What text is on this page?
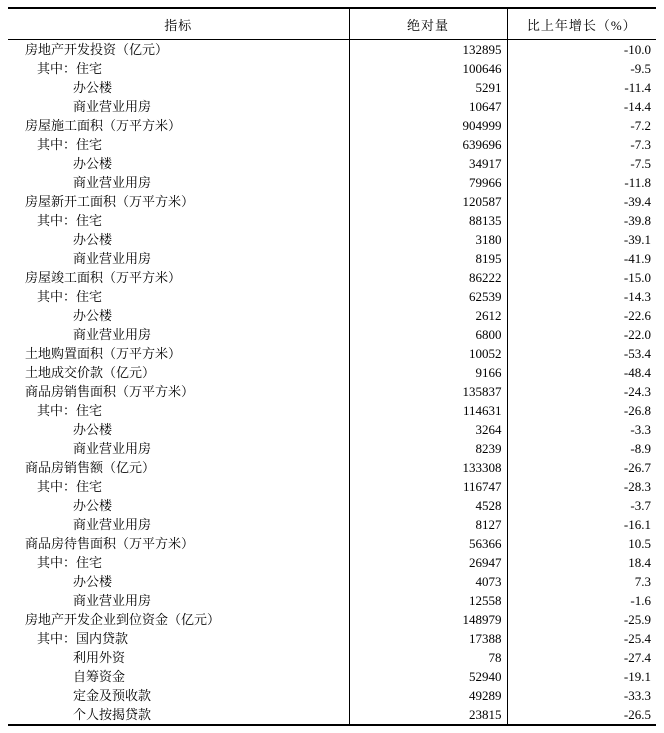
指标	绝对量	比上年增长（%）
房地产开发投资（亿元）	132895	-10.0
其中：住宅	100646	-9.5
办公楼	5291	-11.4
商业营业用房	10647	-14.4
房屋施工面积（万平方米）	904999	-7.2
其中：住宅	639696	-7.3
办公楼	34917	-7.5
商业营业用房	79966	-11.8
房屋新开工面积（万平方米）	120587	-39.4
其中：住宅	88135	-39.8
办公楼	3180	-39.1
商业营业用房	8195	-41.9
房屋竣工面积（万平方米）	86222	-15.0
其中：住宅	62539	-14.3
办公楼	2612	-22.6
商业营业用房	6800	-22.0
土地购置面积（万平方米）	10052	-53.4
土地成交价款（亿元）	9166	-48.4
商品房销售面积（万平方米）	135837	-24.3
其中：住宅	114631	-26.8
办公楼	3264	-3.3
商业营业用房	8239	-8.9
商品房销售额（亿元）	133308	-26.7
其中：住宅	116747	-28.3
办公楼	4528	-3.7
商业营业用房	8127	-16.1
商品房待售面积（万平方米）	56366	10.5
其中：住宅	26947	18.4
办公楼	4073	7.3
商业营业用房	12558	-1.6
房地产开发企业到位资金（亿元）	148979	-25.9
其中：国内贷款	17388	-25.4
利用外资	78	-27.4
自筹资金	52940	-19.1
定金及预收款	49289	-33.3
个人按揭贷款	23815	-26.5
